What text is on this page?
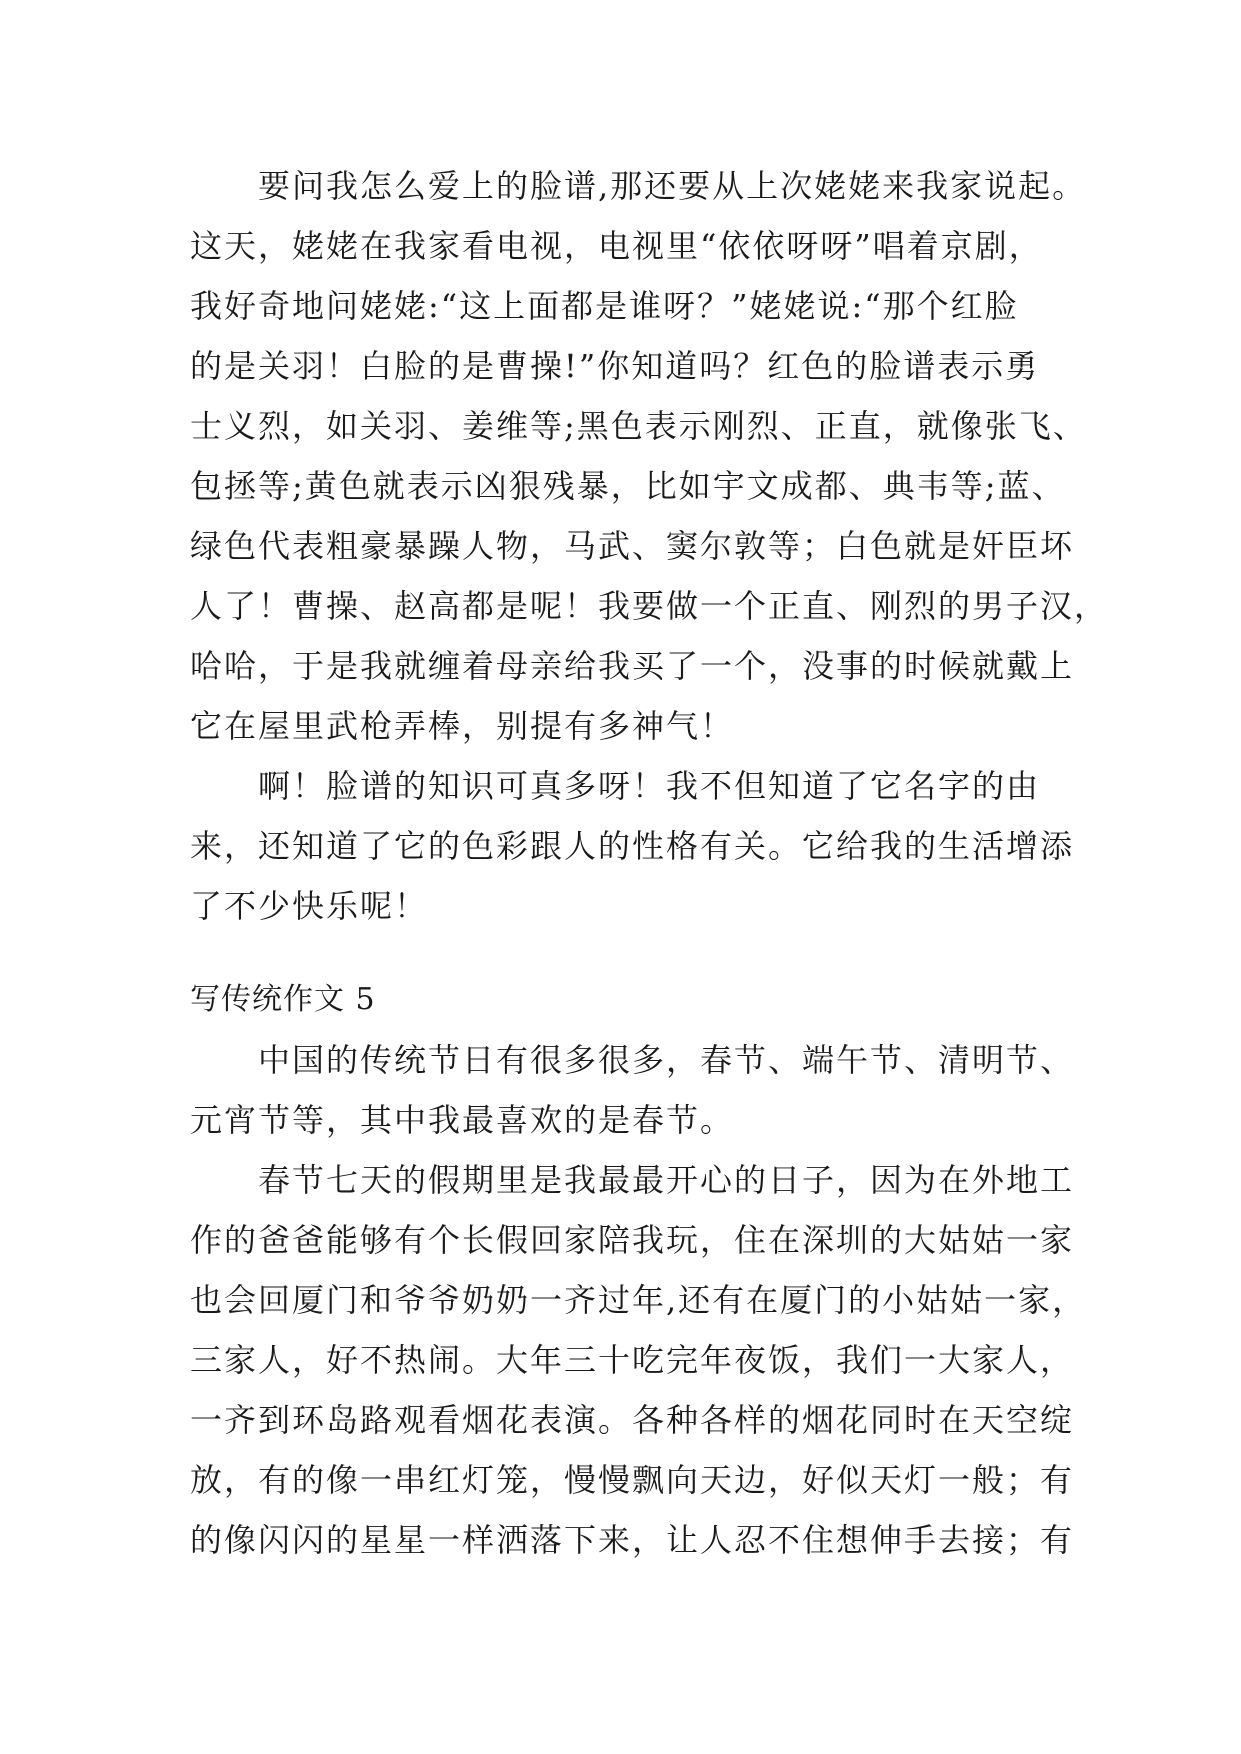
要问我怎么爱上的脸谱,那还要从上次姥姥来我家说起。
这天，姥姥在我家看电视，电视里“依依呀呀”唱着京剧，
我好奇地问姥姥:“这上面都是谁呀？”姥姥说:“那个红脸
的是关羽！白脸的是曹操!”你知道吗？红色的脸谱表示勇
士义烈，如关羽、姜维等;黑色表示刚烈、正直，就像张飞、
包拯等;黄色就表示凶狠残暴，比如宇文成都、典韦等;蓝、
绿色代表粗豪暴躁人物，马武、窦尔敦等；白色就是奸臣坏
人了！曹操、赵高都是呢！我要做一个正直、刚烈的男子汉，
哈哈，于是我就缠着母亲给我买了一个，没事的时候就戴上
它在屋里武枪弄棒，别提有多神气！
啊！脸谱的知识可真多呀！我不但知道了它名字的由
来，还知道了它的色彩跟人的性格有关。它给我的生活增添
了不少快乐呢！
写传统作文 5
中国的传统节日有很多很多，春节、端午节、清明节、
元宵节等，其中我最喜欢的是春节。
春节七天的假期里是我最最开心的日子，因为在外地工
作的爸爸能够有个长假回家陪我玩，住在深圳的大姑姑一家
也会回厦门和爷爷奶奶一齐过年,还有在厦门的小姑姑一家，
三家人，好不热闹。大年三十吃完年夜饭，我们一大家人，
一齐到环岛路观看烟花表演。各种各样的烟花同时在天空绽
放，有的像一串红灯笼，慢慢飘向天边，好似天灯一般；有
的像闪闪的星星一样洒落下来，让人忍不住想伸手去接；有
